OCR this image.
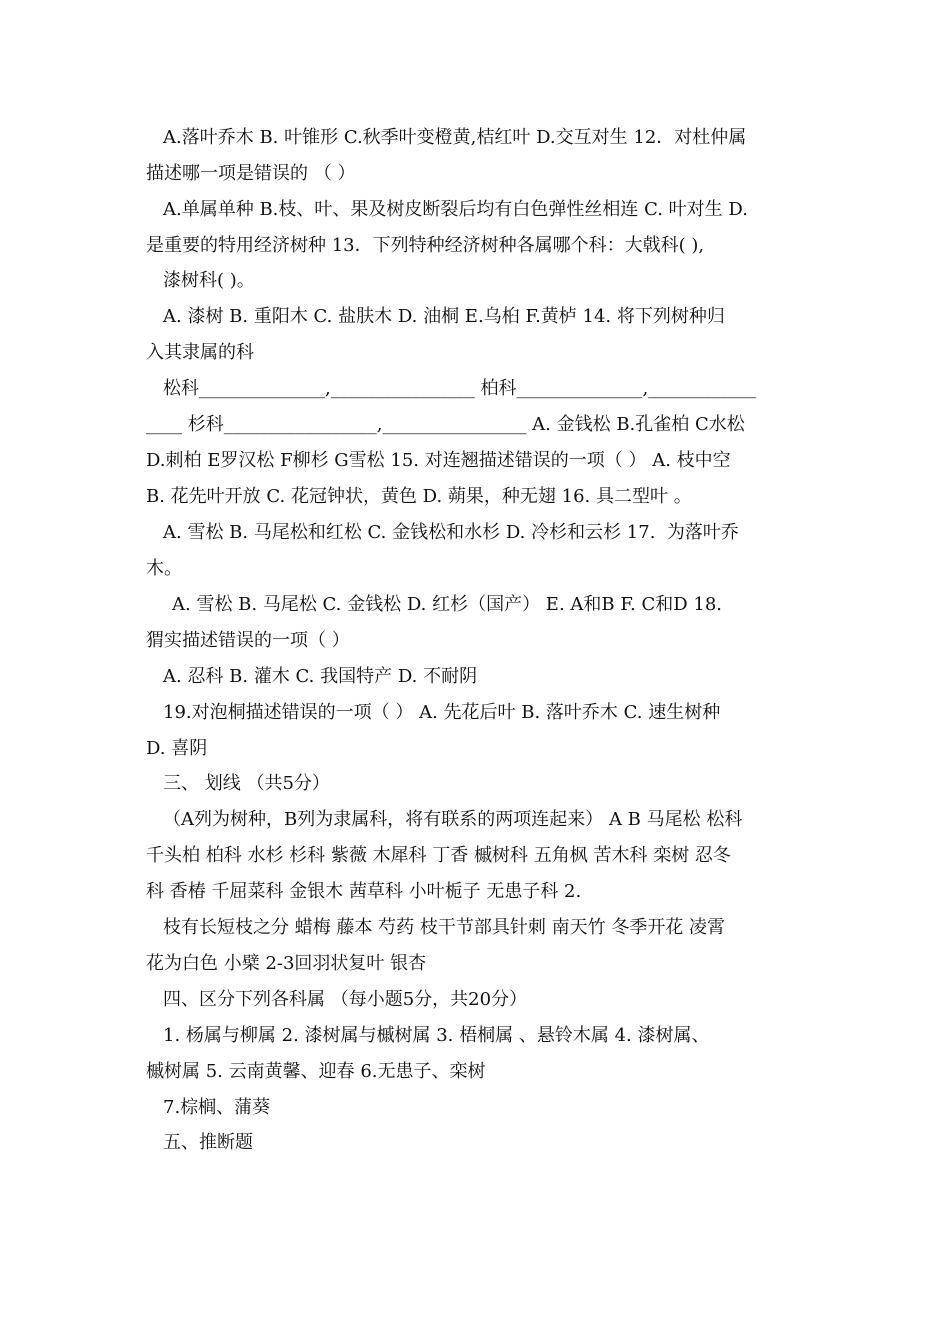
A.落叶乔木 B. 叶锥形 C.秋季叶变橙黄,桔红叶 D.交互对生 12．对杜仲属
描述哪一项是错误的 （ ）
A.单属单种 B.枝、叶、果及树皮断裂后均有白色弹性丝相连 C. 叶对生 D.
是重要的特用经济树种 13．下列特种经济树种各属哪个科：大戟科( ),
漆树科( )。
A. 漆树 B. 重阳木 C. 盐肤木 D. 油桐 E.乌桕 F.黄栌 14. 将下列树种归
入其隶属的科
松科______________,________________ 柏科______________,____________
____ 杉科_________________,________________ A. 金钱松 B.孔雀柏 C水松
D.刺柏 E罗汉松 F柳杉 G雪松 15. 对连翘描述错误的一项（ ） A. 枝中空
B. 花先叶开放 C. 花冠钟状，黄色 D. 蒴果，种无翅 16. 具二型叶 。
A. 雪松 B. 马尾松和红松 C. 金钱松和水杉 D. 冷杉和云杉 17.  为落叶乔
木。
A. 雪松 B. 马尾松 C. 金钱松 D. 红杉（国产） E. A和B F. C和D 18.
猬实描述错误的一项（ ）
A. 忍科 B. 灌木 C. 我国特产 D. 不耐阴
19.对泡桐描述错误的一项（ ） A. 先花后叶 B. 落叶乔木 C. 速生树种
D. 喜阴
三、 划线 （共5分）
（A列为树种，B列为隶属科，将有联系的两项连起来） A B 马尾松 松科
千头柏 柏科 水杉 杉科 紫薇 木犀科 丁香 槭树科 五角枫 苦木科 栾树 忍冬
科 香椿 千屈菜科 金银木 茜草科 小叶栀子 无患子科 2.
枝有长短枝之分 蜡梅 藤本 芍药 枝干节部具针刺 南天竹 冬季开花 凌霄
花为白色 小檗 2-3回羽状复叶 银杏
四、区分下列各科属 （每小题5分，共20分）
1. 杨属与柳属 2. 漆树属与槭树属 3. 梧桐属 、悬铃木属 4. 漆树属、
槭树属 5. 云南黄馨、迎春 6.无患子、栾树
7.棕榈、蒲葵
五、推断题
